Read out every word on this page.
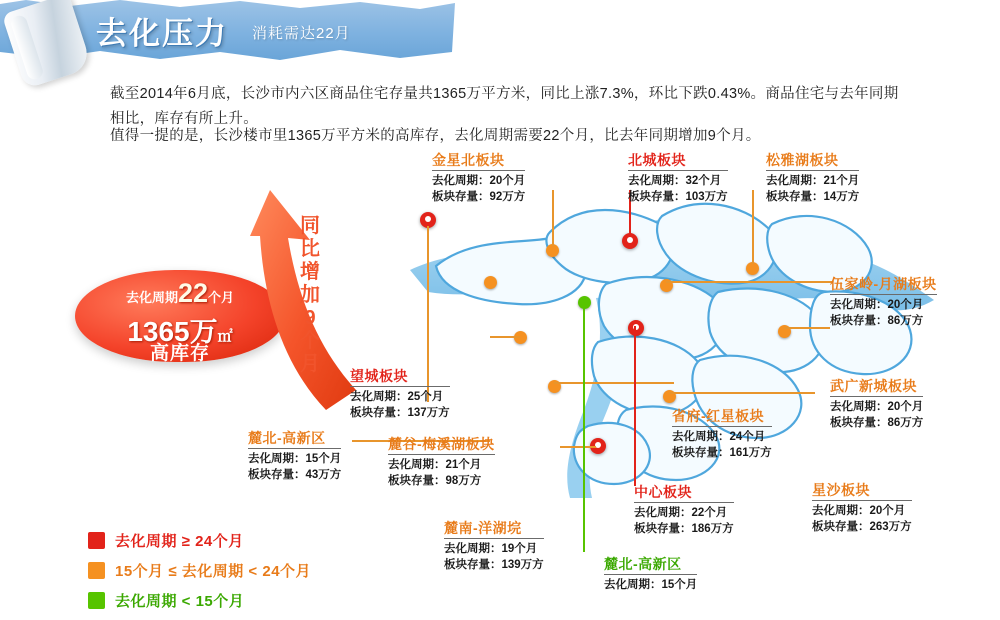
去化压力 消耗需达22月
截至2014年6月底，长沙市内六区商品住宅存量共1365万平方米，同比上涨7.3%，环比下跌0.43%。商品住宅与去年同期相比，库存有所上升。
值得一提的是，长沙楼市里1365万平方米的高库存，去化周期需要22个月，比去年同期增加9个月。
去化周期22个月
1365万㎡
高库存
同比增加9个月
金星北板块
去化周期：20个月
板块存量：92万方
北城板块
去化周期：32个月
板块存量：103万方
松雅湖板块
去化周期：21个月
板块存量：14万方
伍家岭-月湖板块
去化周期：20个月
板块存量：86万方
武广新城板块
去化周期：20个月
板块存量：86万方
星沙板块
去化周期：20个月
板块存量：263万方
省府-红星板块
去化周期：24个月
板块存量：161万方
中心板块
去化周期：22个月
板块存量：186万方
麓南-洋湖垸
去化周期：19个月
板块存量：139万方	麓北-高新区
去化周期：15个月
麓谷-梅溪湖板块
去化周期：21个月
板块存量：98万方
麓北-高新区
去化周期：15个月
板块存量：43万方
望城板块
去化周期：25个月
板块存量：137万方
去化周期 ≥ 24个月
15个月 ≤ 去化周期 < 24个月
去化周期 < 15个月
